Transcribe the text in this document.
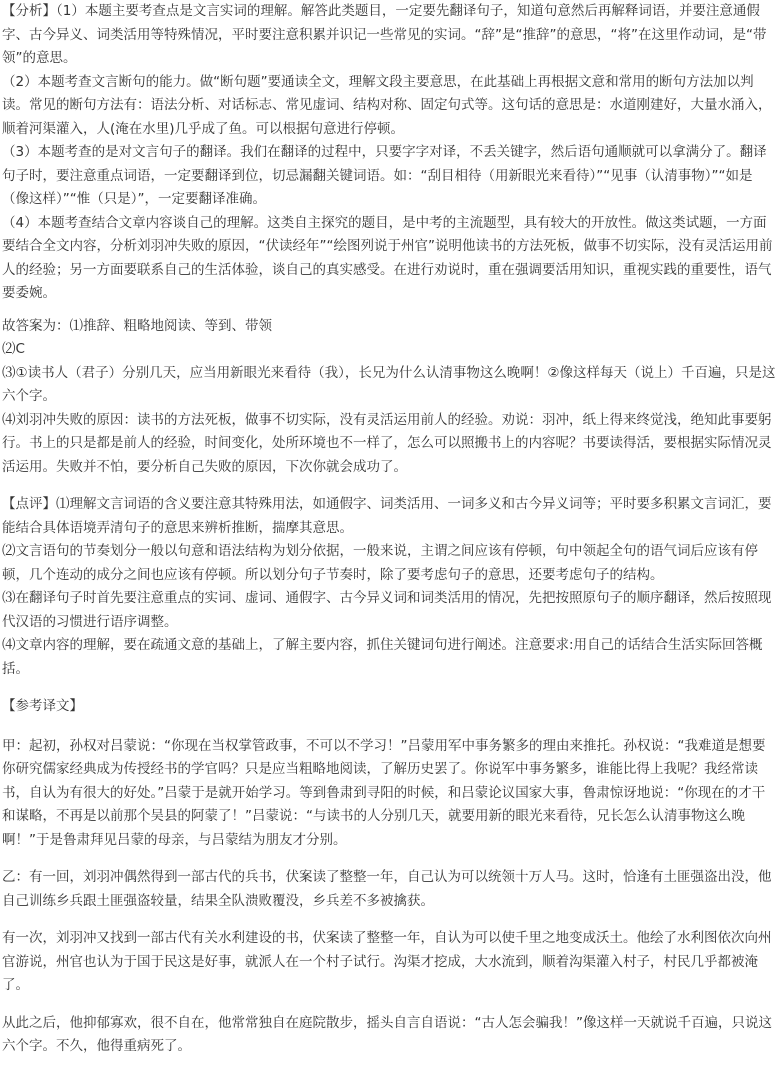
【分析】（1）本题主要考查点是文言实词的理解。解答此类题目，一定要先翻译句子，知道句意然后再解释词语，并要注意通假字、古今异义、词类活用等特殊情况，平时要注意积累并识记一些常见的实词。“辞”是“推辞”的意思，“将”在这里作动词，是“带领”的意思。

（2）本题考查文言断句的能力。做“断句题”要通读全文，理解文段主要意思，在此基础上再根据文意和常用的断句方法加以判读。常见的断句方法有：语法分析、对话标志、常见虚词、结构对称、固定句式等。这句话的意思是：水道刚建好，大量水涌入，顺着河渠灌入，人(淹在水里)几乎成了鱼。可以根据句意进行停顿。

（3）本题考查的是对文言句子的翻译。我们在翻译的过程中，只要字字对译，不丢关键字，然后语句通顺就可以拿满分了。翻译句子时，要注意重点词语，一定要翻译到位，切忌漏翻关键词语。如：“刮目相待（用新眼光来看待）”“见事（认清事物）”“如是（像这样）”“惟（只是）”，一定要翻译准确。

（4）本题考查结合文章内容谈自己的理解。这类自主探究的题目，是中考的主流题型，具有较大的开放性。做这类试题，一方面要结合全文内容，分析刘羽冲失败的原因，“伏读经年”“绘图列说于州官”说明他读书的方法死板，做事不切实际，没有灵活运用前人的经验；另一方面要联系自己的生活体验，谈自己的真实感受。在进行劝说时，重在强调要活用知识，重视实践的重要性，语气要委婉。

故答案为：⑴推辞、粗略地阅读、等到、带领

⑵C

⑶①读书人（君子）分别几天，应当用新眼光来看待（我），长兄为什么认清事物这么晚啊！②像这样每天（说上）千百遍，只是这六个字。

⑷刘羽冲失败的原因：读书的方法死板，做事不切实际，没有灵活运用前人的经验。劝说：羽冲，纸上得来终觉浅，绝知此事要躬行。书上的只是都是前人的经验，时间变化，处所环境也不一样了，怎么可以照搬书上的内容呢？书要读得活，要根据实际情况灵活运用。失败并不怕，要分析自己失败的原因，下次你就会成功了。

【点评】⑴理解文言词语的含义要注意其特殊用法，如通假字、词类活用、一词多义和古今异义词等；平时要多积累文言词汇，要能结合具体语境弄清句子的意思来辨析推断，揣摩其意思。

⑵文言语句的节奏划分一般以句意和语法结构为划分依据，一般来说，主谓之间应该有停顿，句中领起全句的语气词后应该有停顿，几个连动的成分之间也应该有停顿。所以划分句子节奏时，除了要考虑句子的意思，还要考虑句子的结构。

⑶在翻译句子时首先要注意重点的实词、虚词、通假字、古今异义词和词类活用的情况，先把按照原句子的顺序翻译，然后按照现代汉语的习惯进行语序调整。

⑷文章内容的理解，要在疏通文意的基础上，了解主要内容，抓住关键词句进行阐述。注意要求:用自己的话结合生活实际回答概括。

【参考译文】

甲：起初，孙权对吕蒙说：“你现在当权掌管政事，不可以不学习！”吕蒙用军中事务繁多的理由来推托。孙权说：“我难道是想要你研究儒家经典成为传授经书的学官吗？只是应当粗略地阅读，了解历史罢了。你说军中事务繁多，谁能比得上我呢？我经常读书，自认为有很大的好处。”吕蒙于是就开始学习。等到鲁肃到寻阳的时候，和吕蒙论议国家大事，鲁肃惊讶地说：“你现在的才干和谋略，不再是以前那个吴县的阿蒙了！”吕蒙说：“与读书的人分别几天，就要用新的眼光来看待，兄长怎么认清事物这么晚啊！”于是鲁肃拜见吕蒙的母亲，与吕蒙结为朋友才分别。

乙：有一回，刘羽冲偶然得到一部古代的兵书，伏案读了整整一年，自己认为可以统领十万人马。这时，恰逢有土匪强盗出没，他自己训练乡兵跟土匪强盗较量，结果全队溃败覆没，乡兵差不多被擒获。

有一次，刘羽冲又找到一部古代有关水利建设的书，伏案读了整整一年，自认为可以使千里之地变成沃土。他绘了水利图依次向州官游说，州官也认为于国于民这是好事，就派人在一个村子试行。沟渠才挖成，大水流到，顺着沟渠灌入村子，村民几乎都被淹了。

从此之后，他抑郁寡欢，很不自在，他常常独自在庭院散步，摇头自言自语说：“古人怎会骗我！”像这样一天就说千百遍，只说这六个字。不久，他得重病死了。
